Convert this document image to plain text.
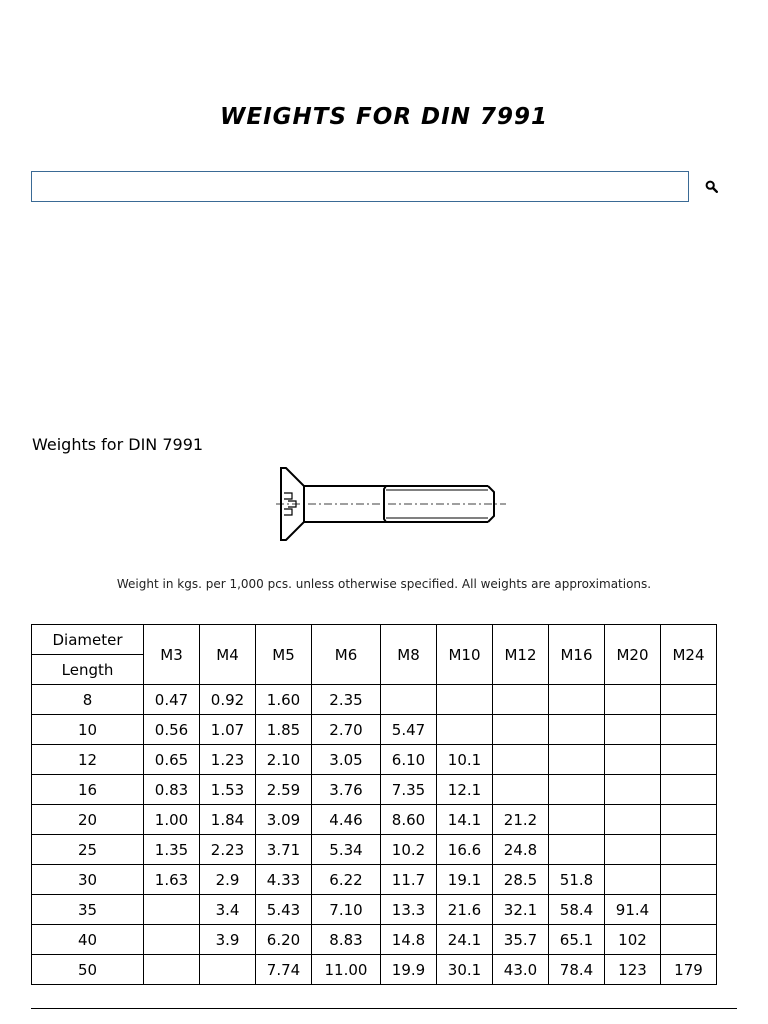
WEIGHTS FOR DIN 7991
Weights for DIN 7991
Weight in kgs. per 1,000 pcs. unless otherwise specified. All weights are approximations.
Diameter	M3	M4	M5	M6	M8	M10	M12	M16	M20	M24
Length										
8	0.47	0.92	1.60	2.35						
10	0.56	1.07	1.85	2.70	5.47					
12	0.65	1.23	2.10	3.05	6.10	10.1				
16	0.83	1.53	2.59	3.76	7.35	12.1				
20	1.00	1.84	3.09	4.46	8.60	14.1	21.2			
25	1.35	2.23	3.71	5.34	10.2	16.6	24.8			
30	1.63	2.9	4.33	6.22	11.7	19.1	28.5	51.8		
35		3.4	5.43	7.10	13.3	21.6	32.1	58.4	91.4	
40		3.9	6.20	8.83	14.8	24.1	35.7	65.1	102	
50			7.74	11.00	19.9	30.1	43.0	78.4	123	179
